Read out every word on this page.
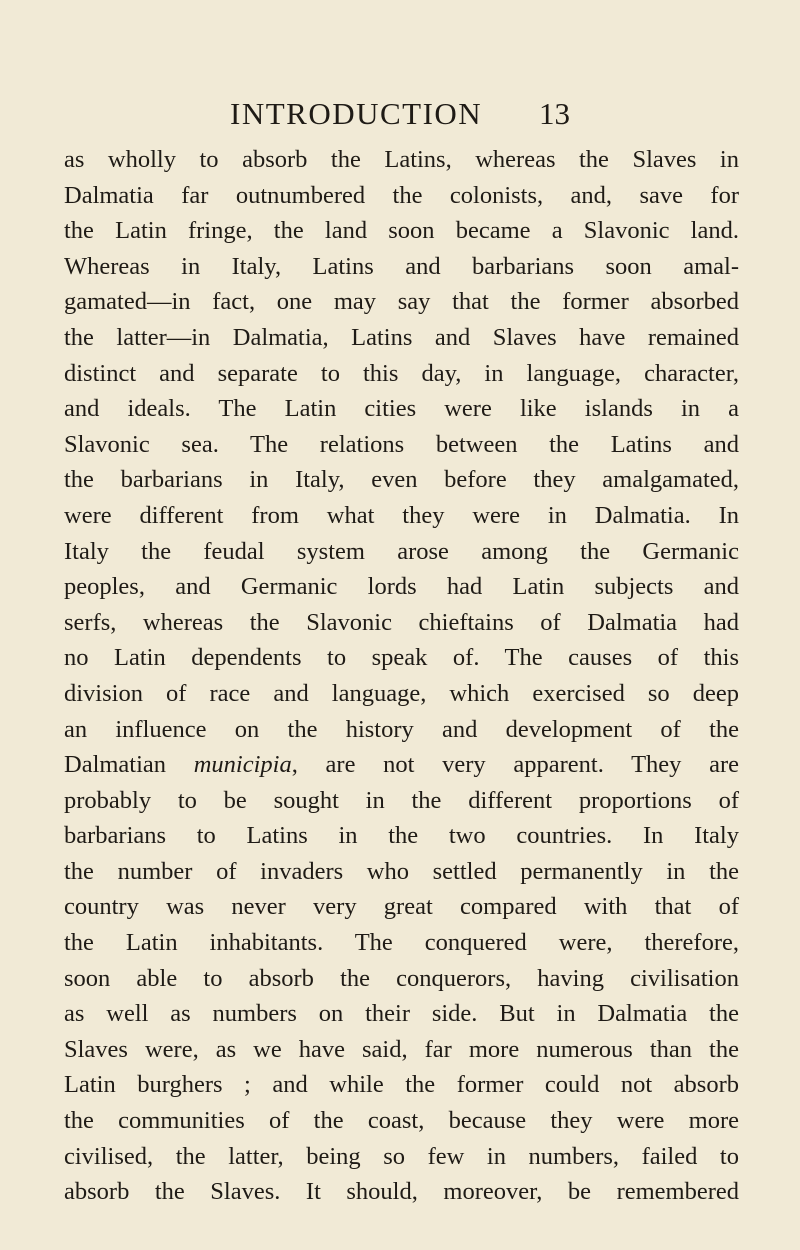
INTRODUCTION 13
as wholly to absorb the Latins, whereas the Slaves in
Dalmatia far outnumbered the colonists, and, save for
the Latin fringe, the land soon became a Slavonic land.
Whereas in Italy, Latins and barbarians soon amal-
gamated—in fact, one may say that the former absorbed
the latter—in Dalmatia, Latins and Slaves have remained
distinct and separate to this day, in language, character,
and ideals. The Latin cities were like islands in a
Slavonic sea. The relations between the Latins and
the barbarians in Italy, even before they amalgamated,
were different from what they were in Dalmatia. In
Italy the feudal system arose among the Germanic
peoples, and Germanic lords had Latin subjects and
serfs, whereas the Slavonic chieftains of Dalmatia had
no Latin dependents to speak of. The causes of this
division of race and language, which exercised so deep
an influence on the history and development of the
Dalmatian municipia, are not very apparent. They are
probably to be sought in the different proportions of
barbarians to Latins in the two countries. In Italy
the number of invaders who settled permanently in the
country was never very great compared with that of
the Latin inhabitants. The conquered were, therefore,
soon able to absorb the conquerors, having civilisation
as well as numbers on their side. But in Dalmatia the
Slaves were, as we have said, far more numerous than the
Latin burghers ; and while the former could not absorb
the communities of the coast, because they were more
civilised, the latter, being so few in numbers, failed to
absorb the Slaves. It should, moreover, be remembered
